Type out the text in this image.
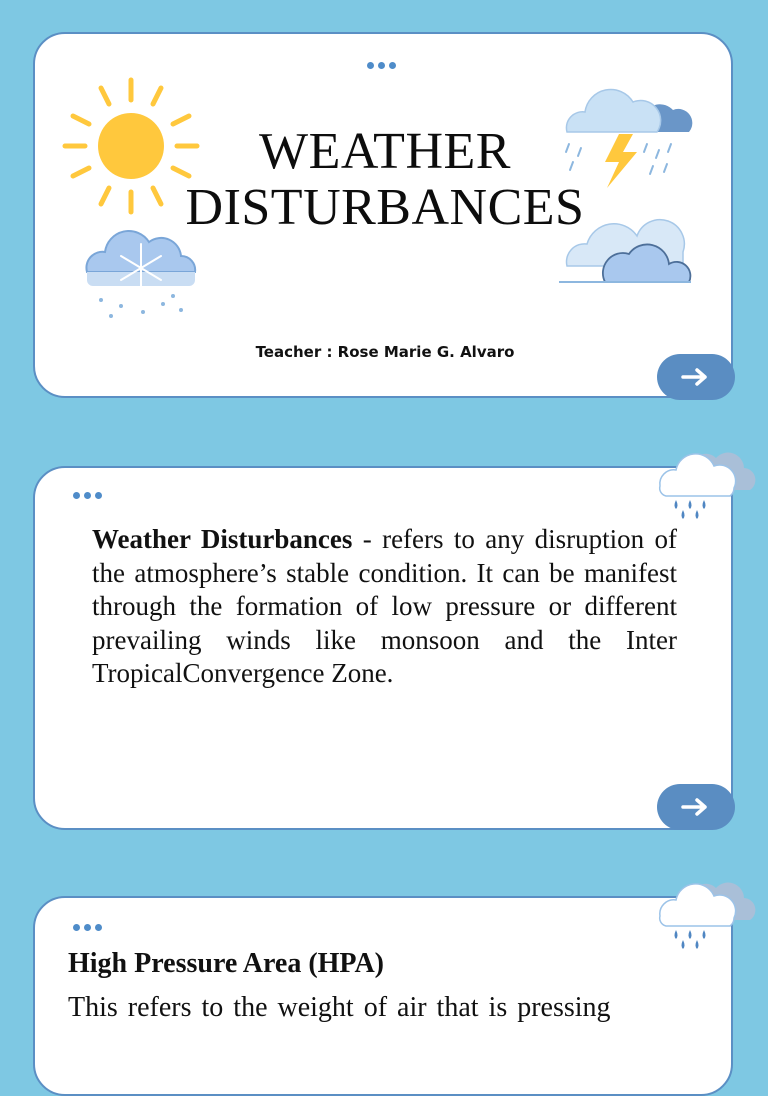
WEATHER
DISTURBANCES
Teacher : Rose Marie G. Alvaro
Weather Disturbances - refers to any disruption of the atmosphere’s stable condition. It can be manifest through the formation of low pressure or different prevailing winds like monsoon and the Inter TropicalConvergence Zone.
High Pressure Area (HPA)
This refers to the weight of air that is pressing
